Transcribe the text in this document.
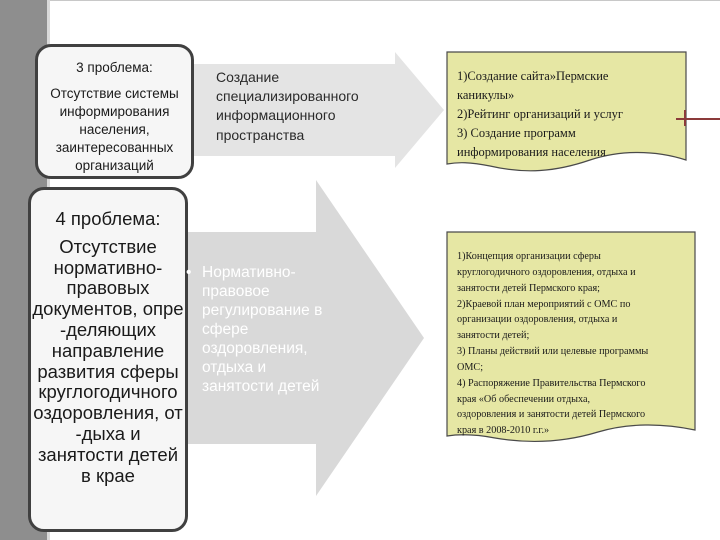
3 проблема:
Отсутствие системы
информирования
населения,
заинтересованных
организаций
4 проблема:
Отсутствие
нормативно-
правовых
документов, опре
-деляющих
направление
развития сферы
круглогодичного
оздоровления, от
-дыха и
занятости детей
в крае
Создание
специализированного
информационного
пространства
• Нормативно-
правовое
регулирование в
сфере
оздоровления,
отдыха и
занятости детей
1)Создание сайта»Пермские
каникулы»
2)Рейтинг организаций и услуг
3) Создание программ
информирования населения
1)Концепция организации сферы
круглогодичного оздоровления, отдыха и
занятости детей Пермского края;
2)Краевой план мероприятий с ОМС по
организации оздоровления, отдыха и
занятости детей;
3) Планы действий или целевые программы
ОМС;
4) Распоряжение Правительства Пермского
края «Об обеспечении отдыха,
оздоровления и занятости детей Пермского
края в 2008-2010 г.г.»
